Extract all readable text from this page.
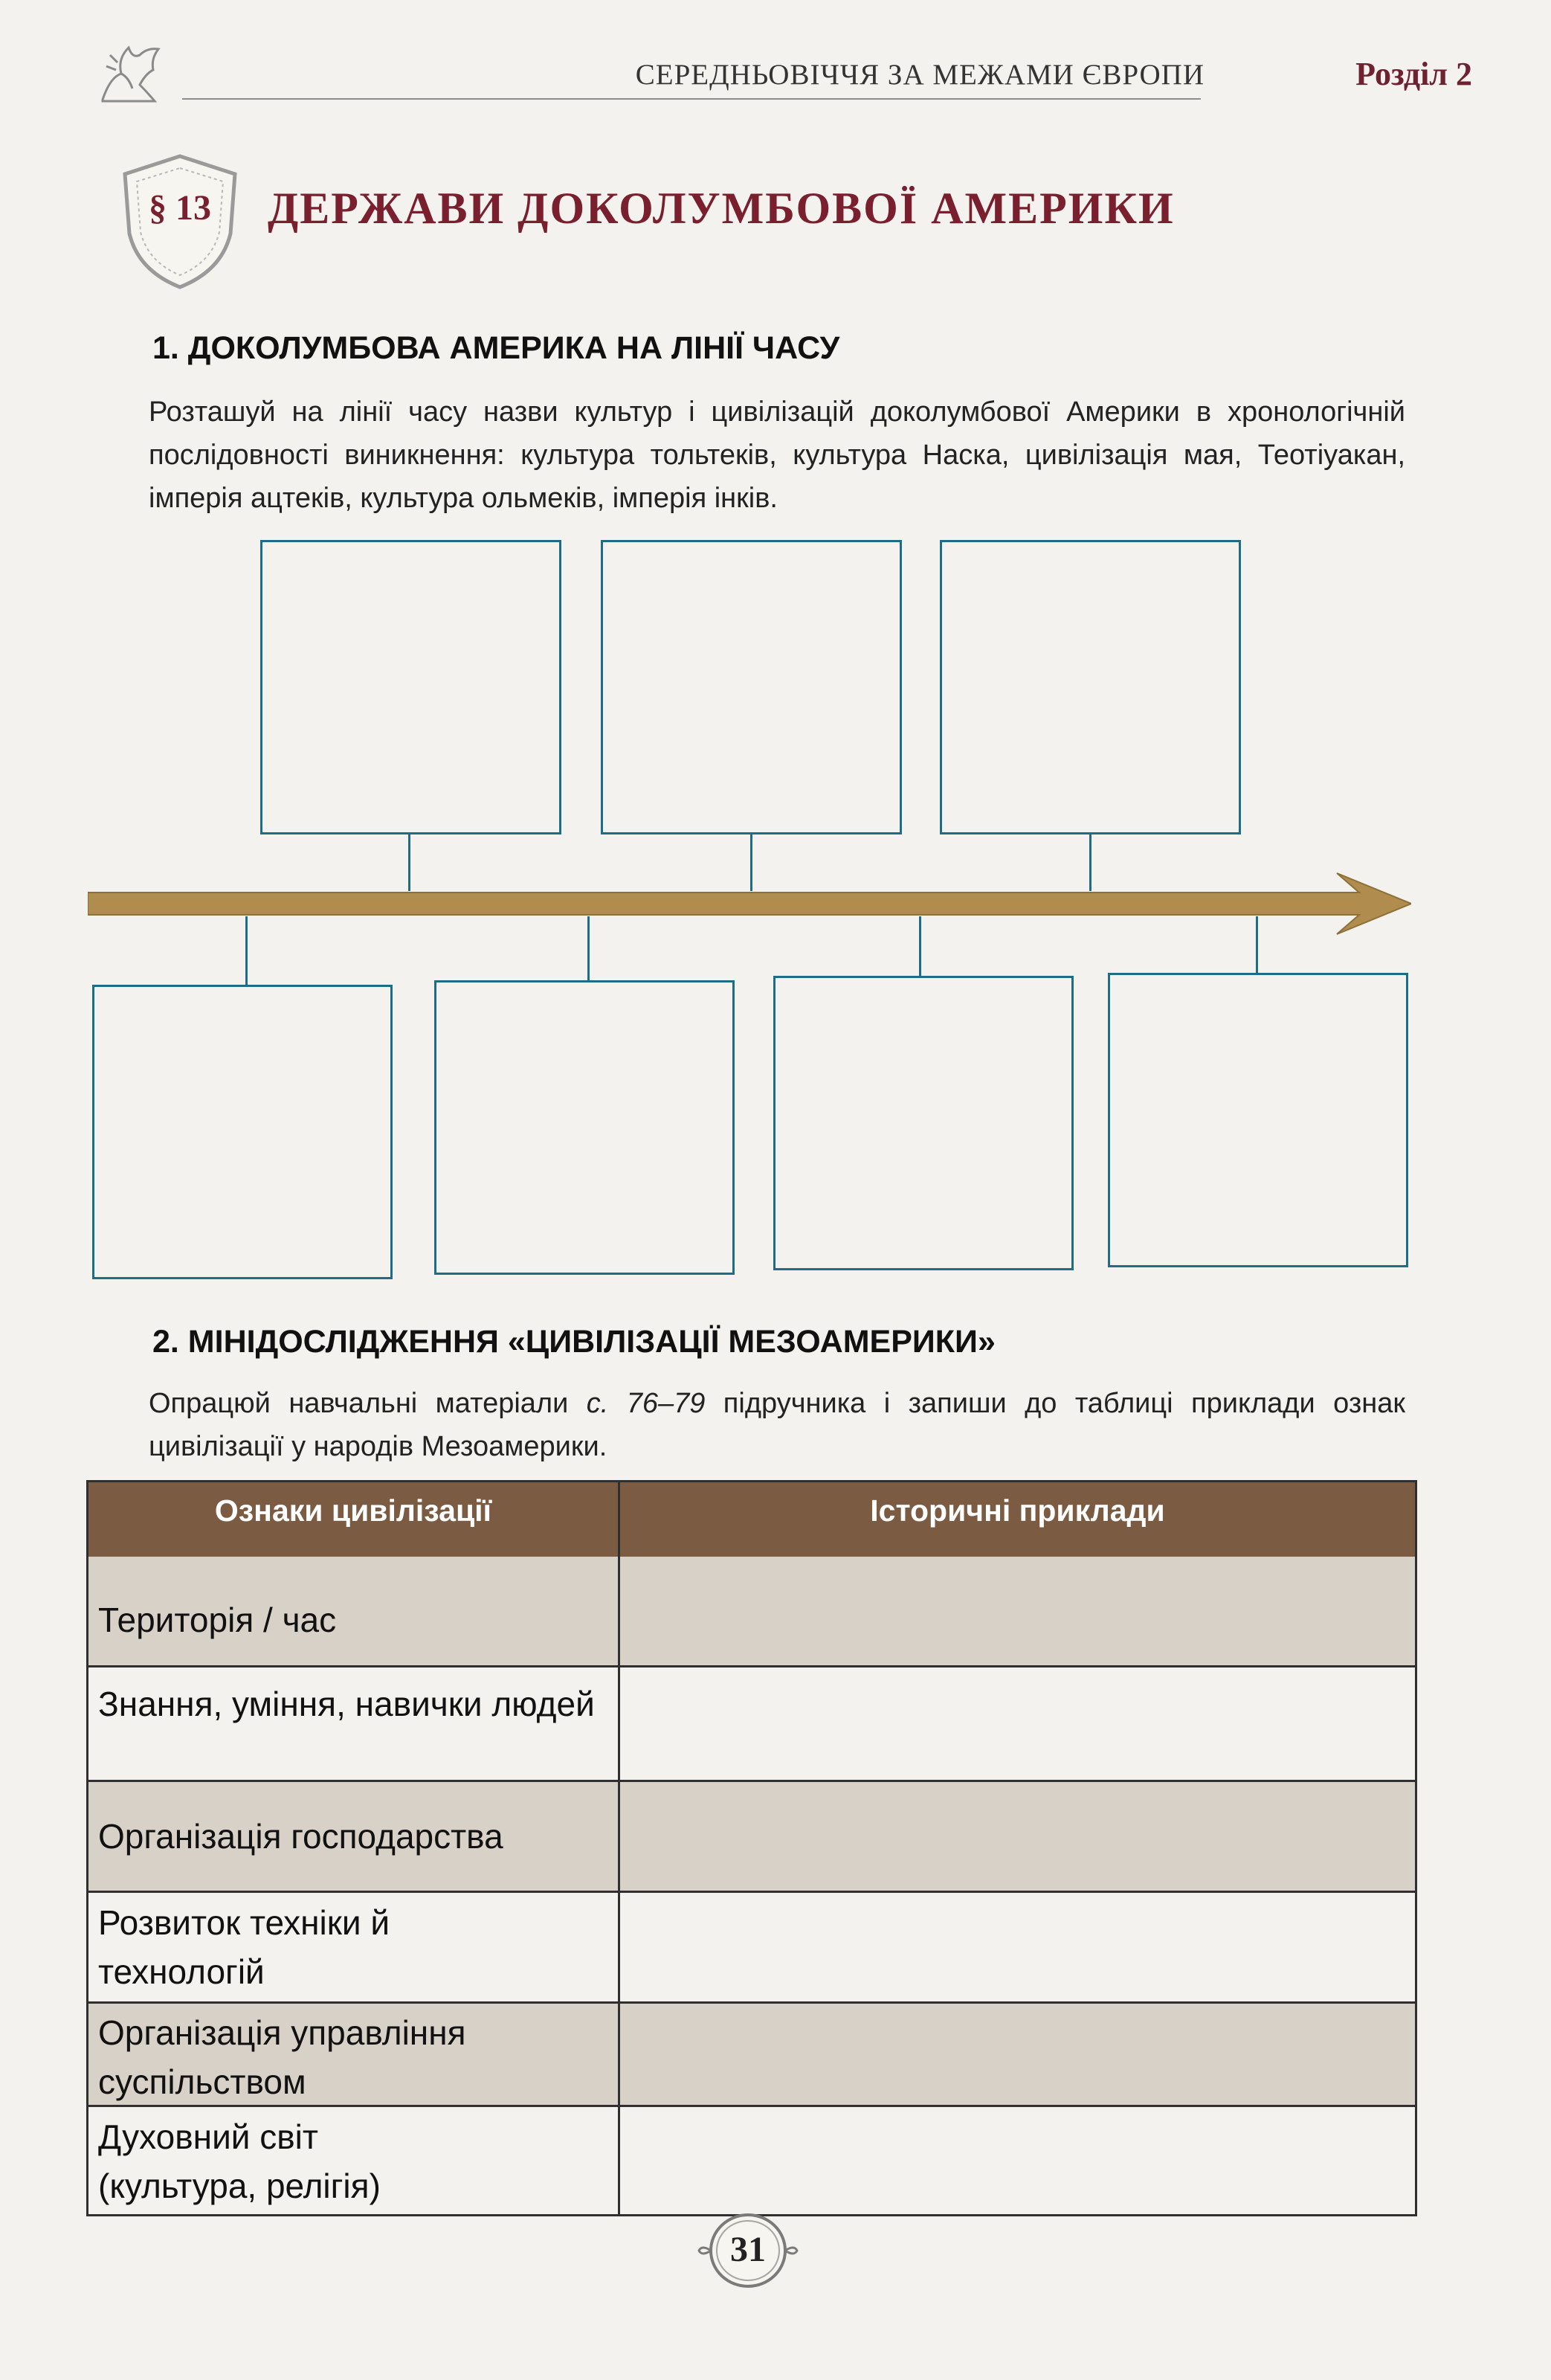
СЕРЕДНЬОВІЧЧЯ ЗА МЕЖАМИ ЄВРОПИ	Розділ 2
§ 13	ДЕРЖАВИ ДОКОЛУМБОВОЇ АМЕРИКИ
1. ДОКОЛУМБОВА АМЕРИКА НА ЛІНІЇ ЧАСУ
Розташуй на лінії часу назви культур і цивілізацій доколумбової Америки в хронологічній послідовності виникнення: культура тольтеків, культура Наска, цивілізація мая, Теотіуакан, імперія ацтеків, культура ольмеків, імперія інків.
2. МІНІДОСЛІДЖЕННЯ «ЦИВІЛІЗАЦІЇ МЕЗОАМЕРИКИ»
Опрацюй навчальні матеріали с. 76–79 підручника і запиши до таблиці приклади ознак цивілізації у народів Мезоамерики.
Ознаки цивілізації	Історичні приклади
Територія / час
Знання, уміння, навички людей
Організація господарства
Розвиток техніки й технологій
Організація управління суспільством
Духовний світ (культура, релігія)
31
